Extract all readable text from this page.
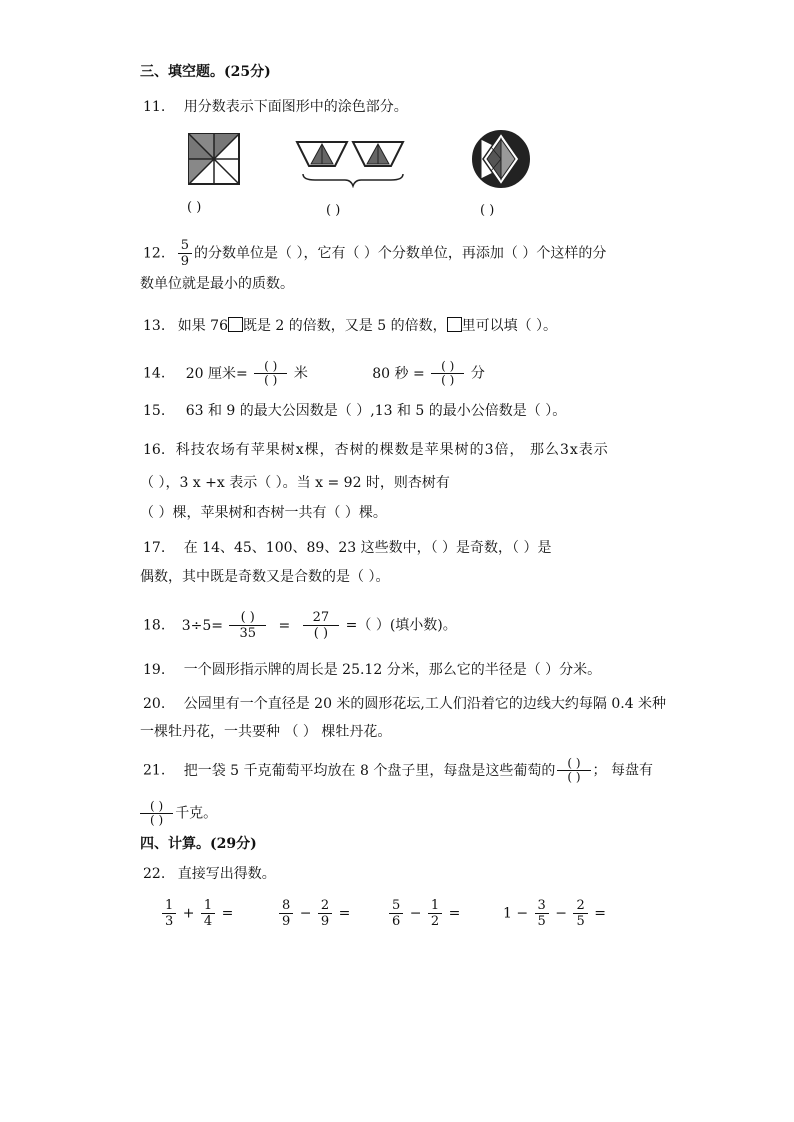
三、填空题。(25分)
11. 用分数表示下面图形中的涂色部分。
( )	( )	( )
12. $\frac{5}{9}$ 的分数单位是（ ），它有（ ）个分数单位，再添加（ ）个这样的分
数单位就是最小的质数。
13. 如果 76 既是 2 的倍数，又是 5 的倍数， 里可以填（ ）。
14. 20 厘米= $\frac{( )}{( )}$ 米	80 秒 = $\frac{( )}{( )}$ 分
15. 63 和 9 的最大公因数是（ ）,13 和 5 的最小公倍数是（ ）。
16. 科技农场有苹果树x棵，杏树的棵数是苹果树的3倍， 那么3x表示
（ ），3 x +x 表示（ ）。当 x = 92 时，则杏树有
（ ）棵，苹果树和杏树一共有（ ）棵。
17. 在 14、45、100、89、23 这些数中，（ ）是奇数，（ ）是
偶数，其中既是奇数又是合数的是（ ）。
18. $3\div 5= \frac{( )}{35} = \frac{27}{( )}$ =（ ）(填小数)。
19. 一个圆形指示牌的周长是 25.12 分米，那么它的半径是（ ）分米。
20. 公园里有一个直径是 20 米的圆形花坛,工人们沿着它的边线大约每隔 0.4 米种
一棵牡丹花，一共要种 （ ） 棵牡丹花。
21. 把一袋 5 千克葡萄平均放在 8 个盘子里，每盘是这些葡萄的 $\frac{( )}{( )}$ ； 每盘有
$\frac{( )}{( )}$ 千克。
四、计算。(29分)
22. 直接写出得数。
$\frac{1}{3} + \frac{1}{4}$ =	$\frac{8}{9} - \frac{2}{9}$ =	$\frac{5}{6} - \frac{1}{2}$ =	$1 - \frac{3}{5} - \frac{2}{5}$ =
